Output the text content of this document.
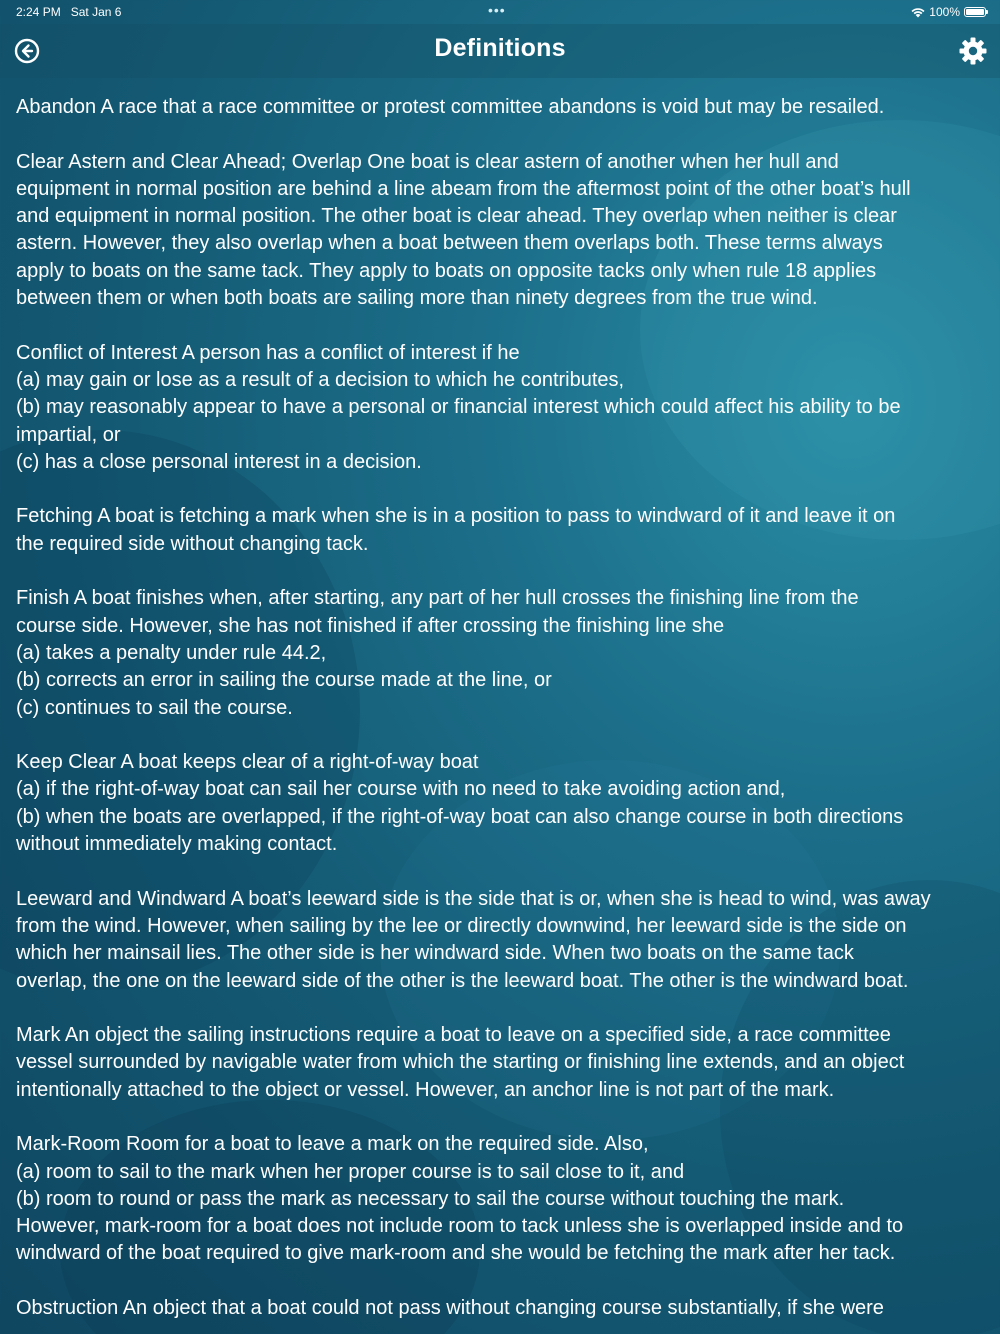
2:24 PM Sat Jan 6	•••	100%
Definitions
Abandon A race that a race committee or protest committee abandons is void but may be resailed.
Clear Astern and Clear Ahead; Overlap One boat is clear astern of another when her hull and
equipment in normal position are behind a line abeam from the aftermost point of the other boat’s hull
and equipment in normal position. The other boat is clear ahead. They overlap when neither is clear
astern. However, they also overlap when a boat between them overlaps both. These terms always
apply to boats on the same tack. They apply to boats on opposite tacks only when rule 18 applies
between them or when both boats are sailing more than ninety degrees from the true wind.
Conflict of Interest A person has a conflict of interest if he
(a) may gain or lose as a result of a decision to which he contributes,
(b) may reasonably appear to have a personal or financial interest which could affect his ability to be
impartial, or
(c) has a close personal interest in a decision.
Fetching A boat is fetching a mark when she is in a position to pass to windward of it and leave it on
the required side without changing tack.
Finish A boat finishes when, after starting, any part of her hull crosses the finishing line from the
course side. However, she has not finished if after crossing the finishing line she
(a) takes a penalty under rule 44.2,
(b) corrects an error in sailing the course made at the line, or
(c) continues to sail the course.
Keep Clear A boat keeps clear of a right-of-way boat
(a) if the right-of-way boat can sail her course with no need to take avoiding action and,
(b) when the boats are overlapped, if the right-of-way boat can also change course in both directions
without immediately making contact.
Leeward and Windward A boat’s leeward side is the side that is or, when she is head to wind, was away
from the wind. However, when sailing by the lee or directly downwind, her leeward side is the side on
which her mainsail lies. The other side is her windward side. When two boats on the same tack
overlap, the one on the leeward side of the other is the leeward boat. The other is the windward boat.
Mark An object the sailing instructions require a boat to leave on a specified side, a race committee
vessel surrounded by navigable water from which the starting or finishing line extends, and an object
intentionally attached to the object or vessel. However, an anchor line is not part of the mark.
Mark-Room Room for a boat to leave a mark on the required side. Also,
(a) room to sail to the mark when her proper course is to sail close to it, and
(b) room to round or pass the mark as necessary to sail the course without touching the mark.
However, mark-room for a boat does not include room to tack unless she is overlapped inside and to
windward of the boat required to give mark-room and she would be fetching the mark after her tack.
Obstruction An object that a boat could not pass without changing course substantially, if she were
